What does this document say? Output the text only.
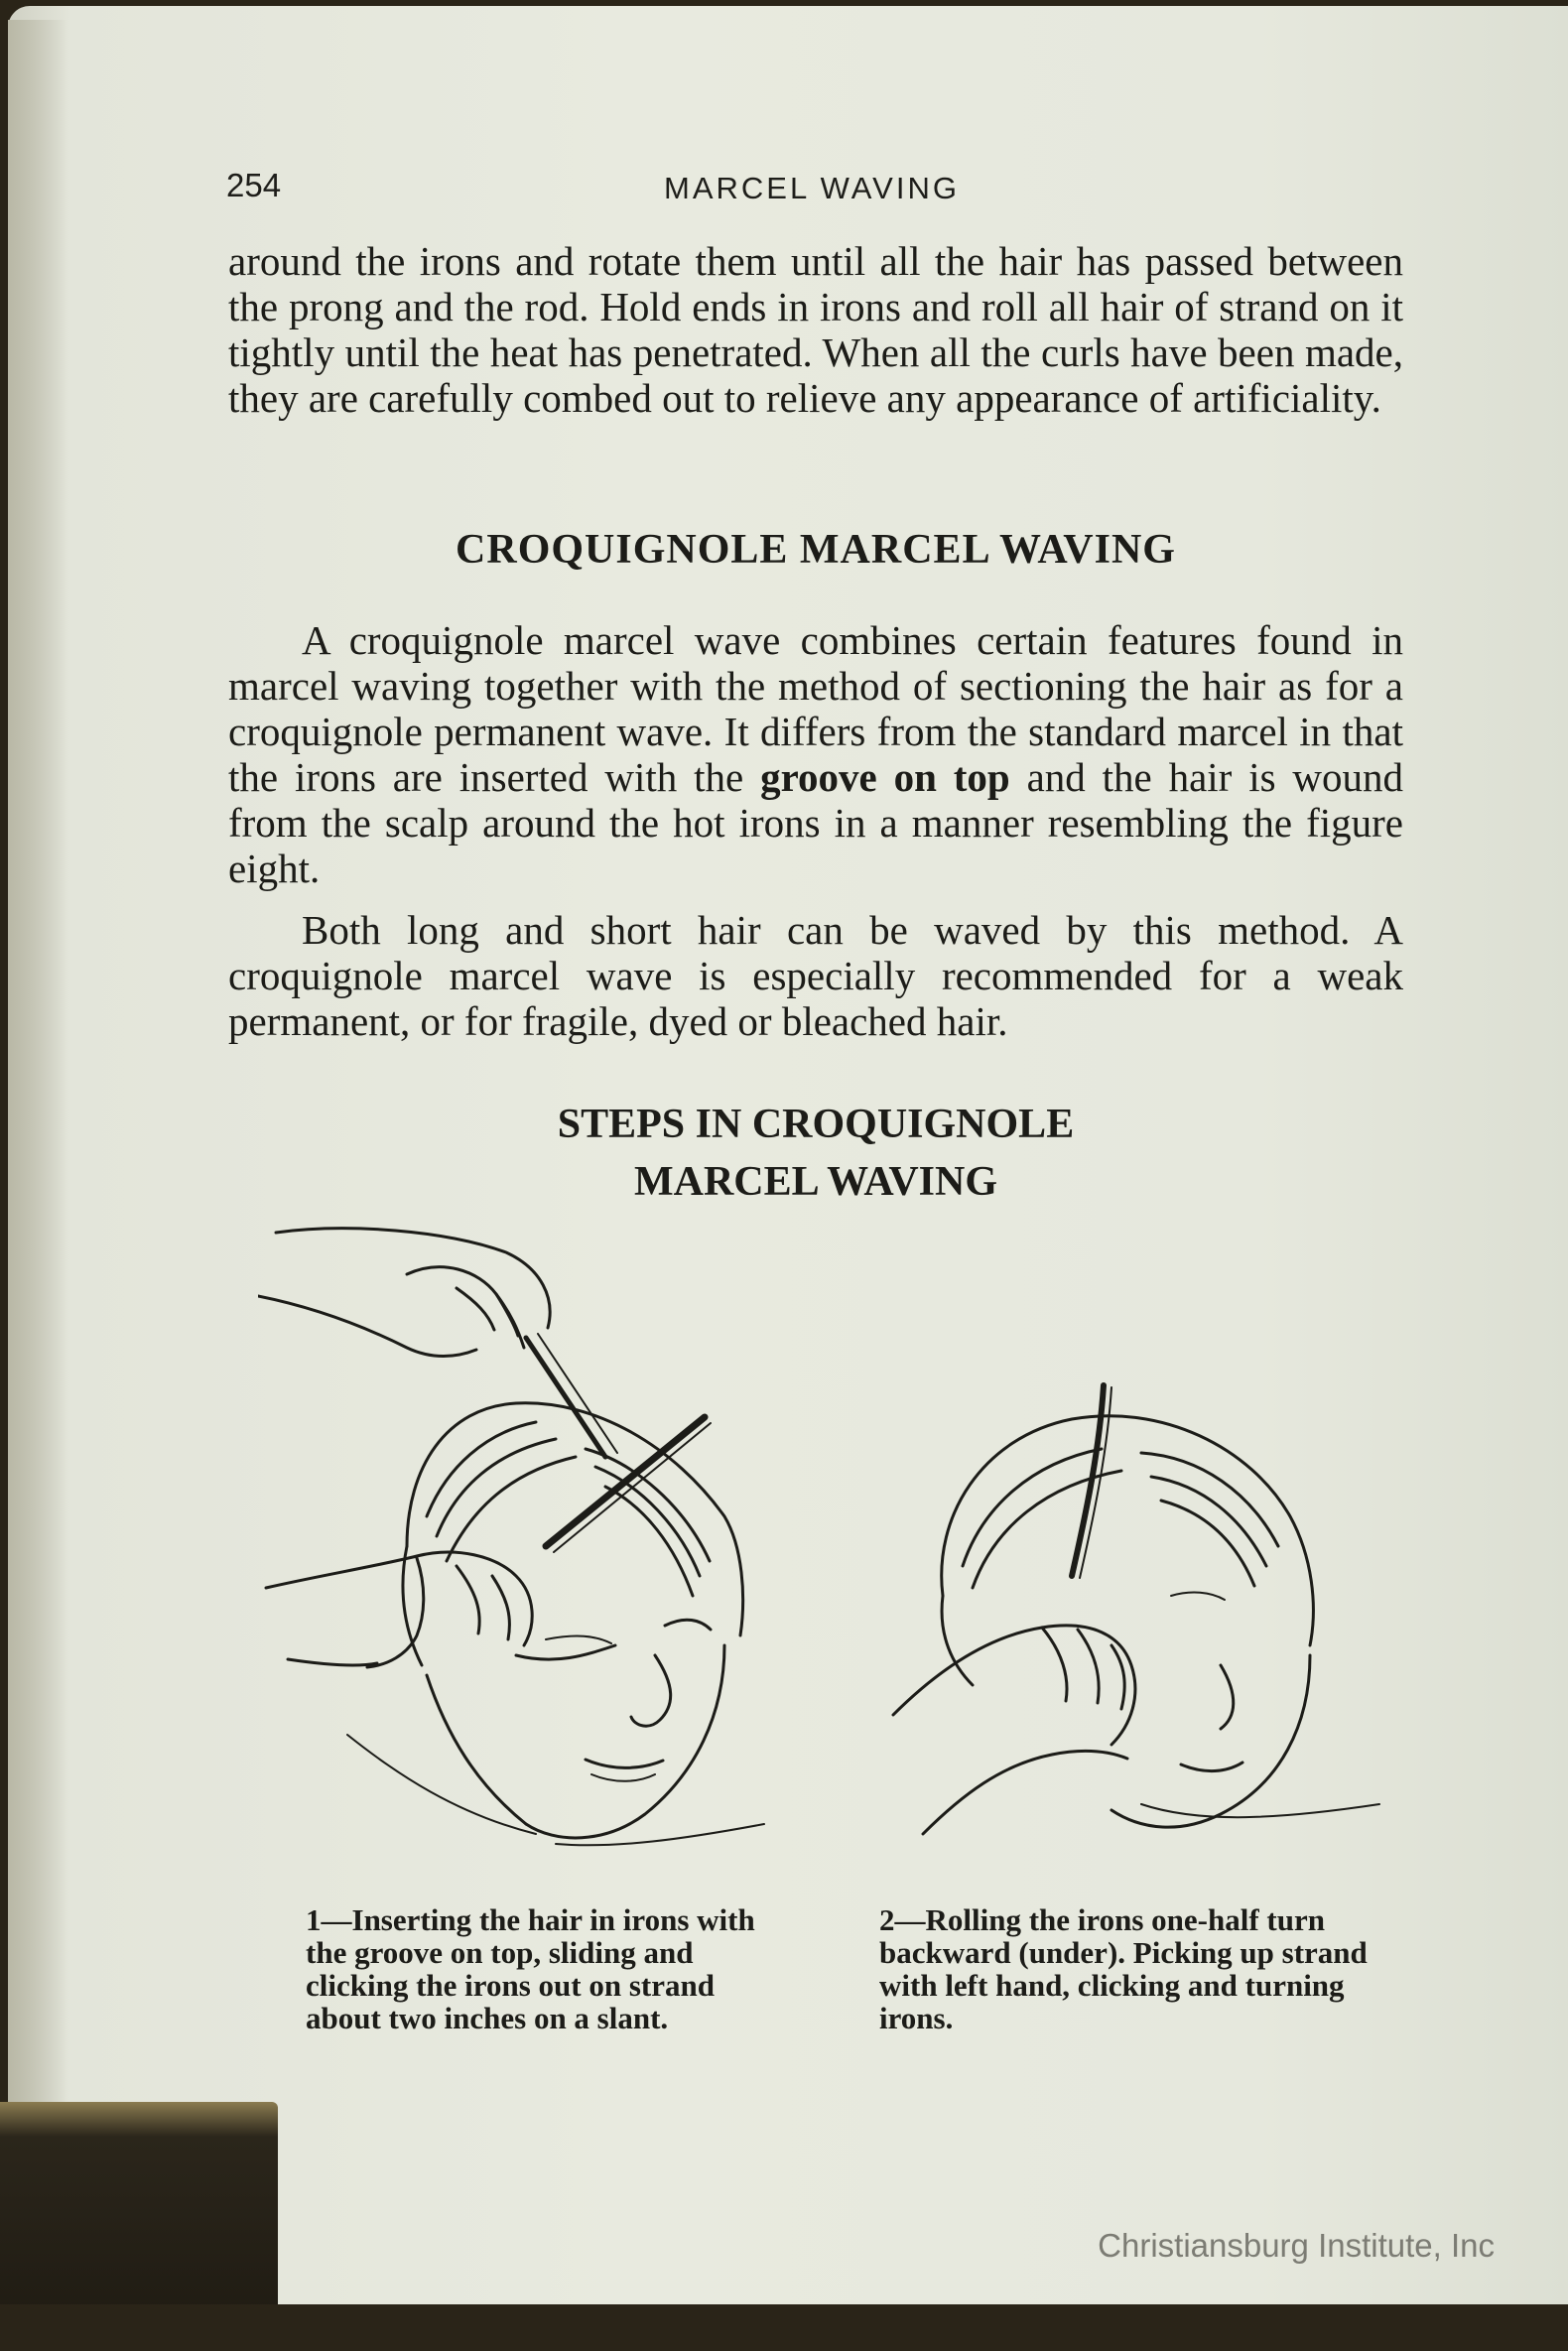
254	MARCEL WAVING

around the irons and rotate them until all the hair has passed between the prong and the rod. Hold ends in irons and roll all hair of strand on it tightly until the heat has penetrated. When all the curls have been made, they are carefully combed out to relieve any appearance of artificiality.

CROQUIGNOLE MARCEL WAVING

A croquignole marcel wave combines certain features found in marcel waving together with the method of sectioning the hair as for a croquignole permanent wave. It differs from the standard marcel in that the irons are inserted with the groove on top and the hair is wound from the scalp around the hot irons in a manner resembling the figure eight.

Both long and short hair can be waved by this method. A croquignole marcel wave is especially recommended for a weak permanent, or for fragile, dyed or bleached hair.

STEPS IN CROQUIGNOLE
MARCEL WAVING

1—Inserting the hair in irons with the groove on top, sliding and clicking the irons out on strand about two inches on a slant.

2—Rolling the irons one-half turn backward (under). Picking up strand with left hand, clicking and turning irons.

Christiansburg Institute, Inc
